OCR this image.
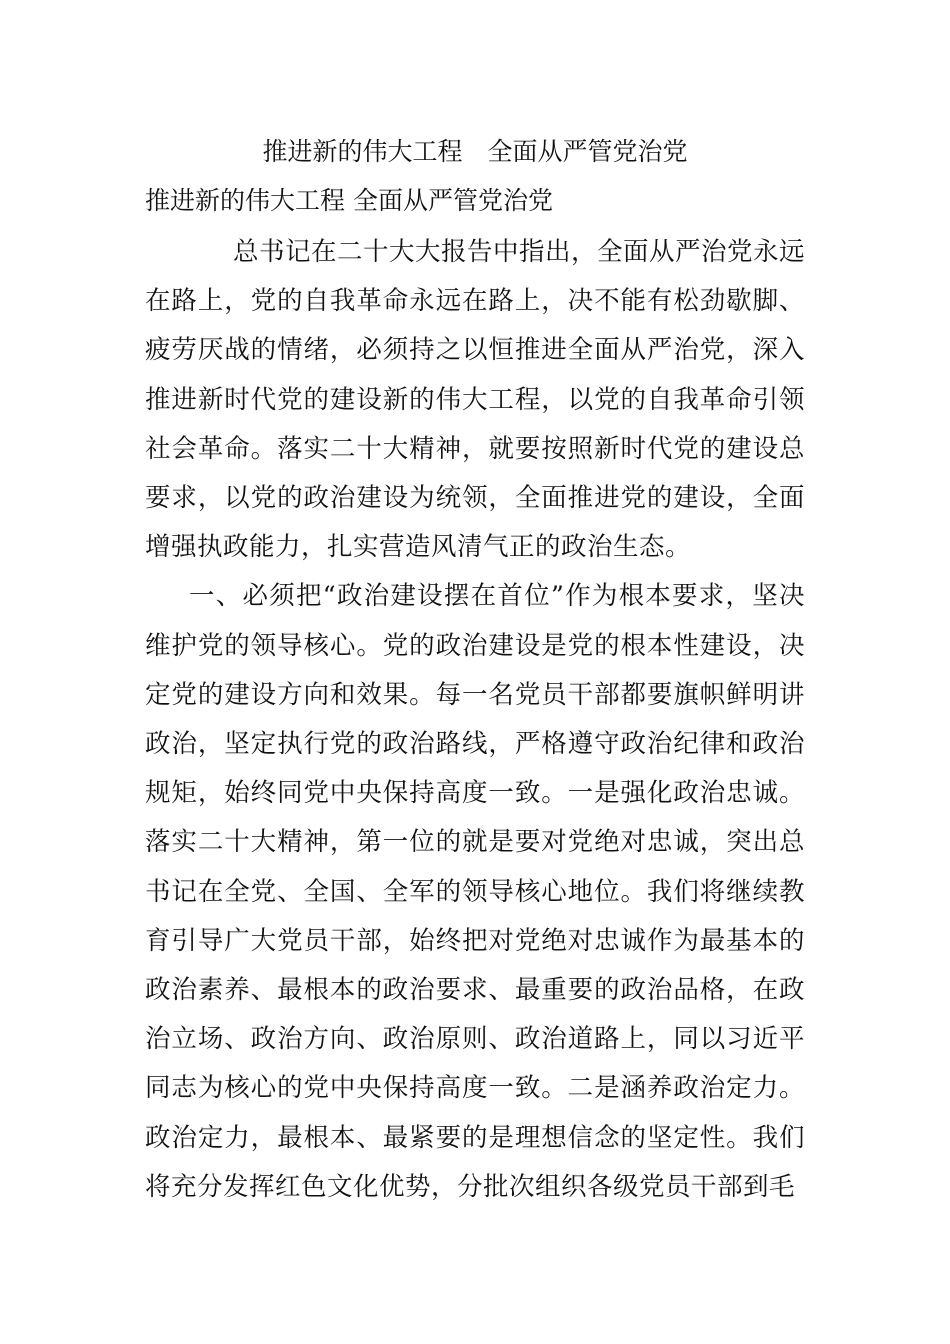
推进新的伟大工程　全面从严管党治党
推进新的伟大工程 全面从严管党治党

总书记在二十大大报告中指出，全面从严治党永远在路上，党的自我革命永远在路上，决不能有松劲歇脚、疲劳厌战的情绪，必须持之以恒推进全面从严治党，深入推进新时代党的建设新的伟大工程，以党的自我革命引领社会革命。落实二十大精神，就要按照新时代党的建设总要求，以党的政治建设为统领，全面推进党的建设，全面增强执政能力，扎实营造风清气正的政治生态。

一、必须把“政治建设摆在首位”作为根本要求，坚决维护党的领导核心。党的政治建设是党的根本性建设，决定党的建设方向和效果。每一名党员干部都要旗帜鲜明讲政治，坚定执行党的政治路线，严格遵守政治纪律和政治规矩，始终同党中央保持高度一致。一是强化政治忠诚。落实二十大精神，第一位的就是要对党绝对忠诚，突出总书记在全党、全国、全军的领导核心地位。我们将继续教育引导广大党员干部，始终把对党绝对忠诚作为最基本的政治素养、最根本的政治要求、最重要的政治品格，在政治立场、政治方向、政治原则、政治道路上，同以习近平同志为核心的党中央保持高度一致。二是涵养政治定力。政治定力，最根本、最紧要的是理想信念的坚定性。我们将充分发挥红色文化优势，分批次组织各级党员干部到毛
